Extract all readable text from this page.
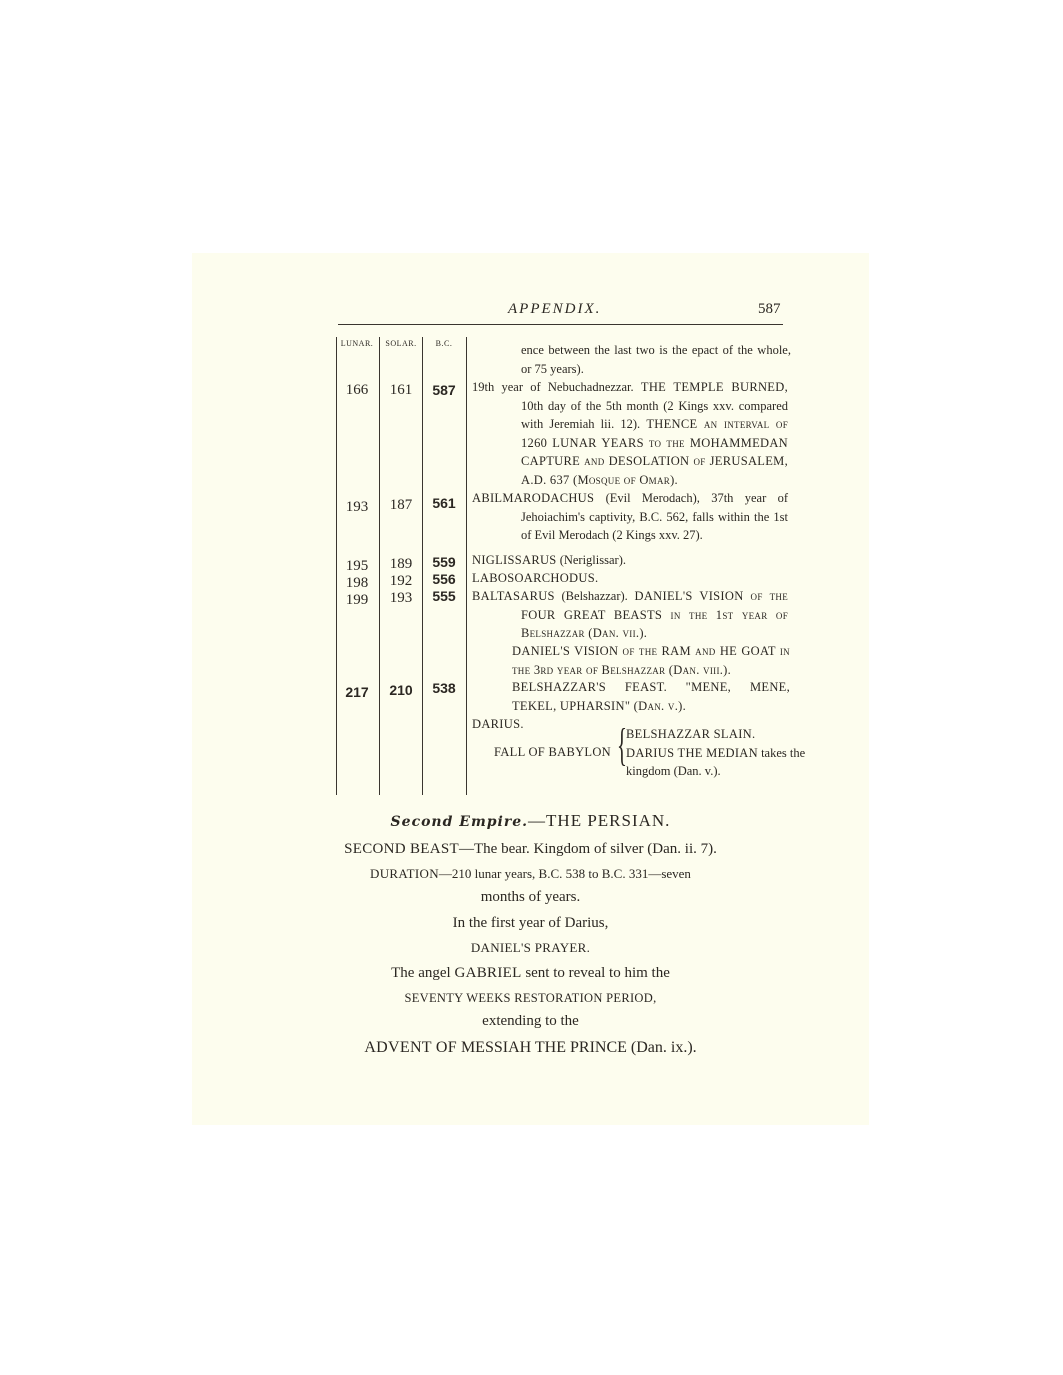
APPENDIX.	587
LUNAR.	SOLAR.	B.C.	ence between the last two is the epact of the whole, or 75 years).
166	161	587	19th year of Nebuchadnezzar. THE TEMPLE BURNED, 10th day of the 5th month (2 Kings xxv. compared with Jeremiah lii. 12). THENCE an interval of 1260 LUNAR YEARS to the MOHAMMEDAN CAPTURE and DESOLATION of JERUSALEM, A.D. 637 (Mosque of Omar).
193	187	561	ABILMARODACHUS (Evil Merodach), 37th year of Jehoiachim's captivity, B.C. 562, falls within the 1st of Evil Merodach (2 Kings xxv. 27).
195	189	559	NIGLISSARUS (Neriglissar).
198	192	556	LABOSOARCHODUS.
199	193	555	BALTASARUS (Belshazzar). DANIEL'S VISION of the FOUR GREAT BEASTS in the 1st year of Belshazzar (Dan. vii.).
DANIEL'S VISION of the RAM and HE GOAT in the 3rd year of Belshazzar (Dan. viii.).
217	210	538	BELSHAZZAR'S FEAST. "MENE, MENE, TEKEL, UPHARSIN" (Dan. v.).
DARIUS.
FALL OF BABYLON { BELSHAZZAR SLAIN.
DARIUS THE MEDIAN takes the kingdom (Dan. v.).
Second Empire.—THE PERSIAN.
SECOND BEAST—The bear. Kingdom of silver (Dan. ii. 7).
DURATION—210 lunar years, B.C. 538 to B.C. 331—seven
months of years.
In the first year of Darius,
DANIEL'S PRAYER.
The angel GABRIEL sent to reveal to him the
SEVENTY WEEKS RESTORATION PERIOD,
extending to the
ADVENT OF MESSIAH THE PRINCE (Dan. ix.).
